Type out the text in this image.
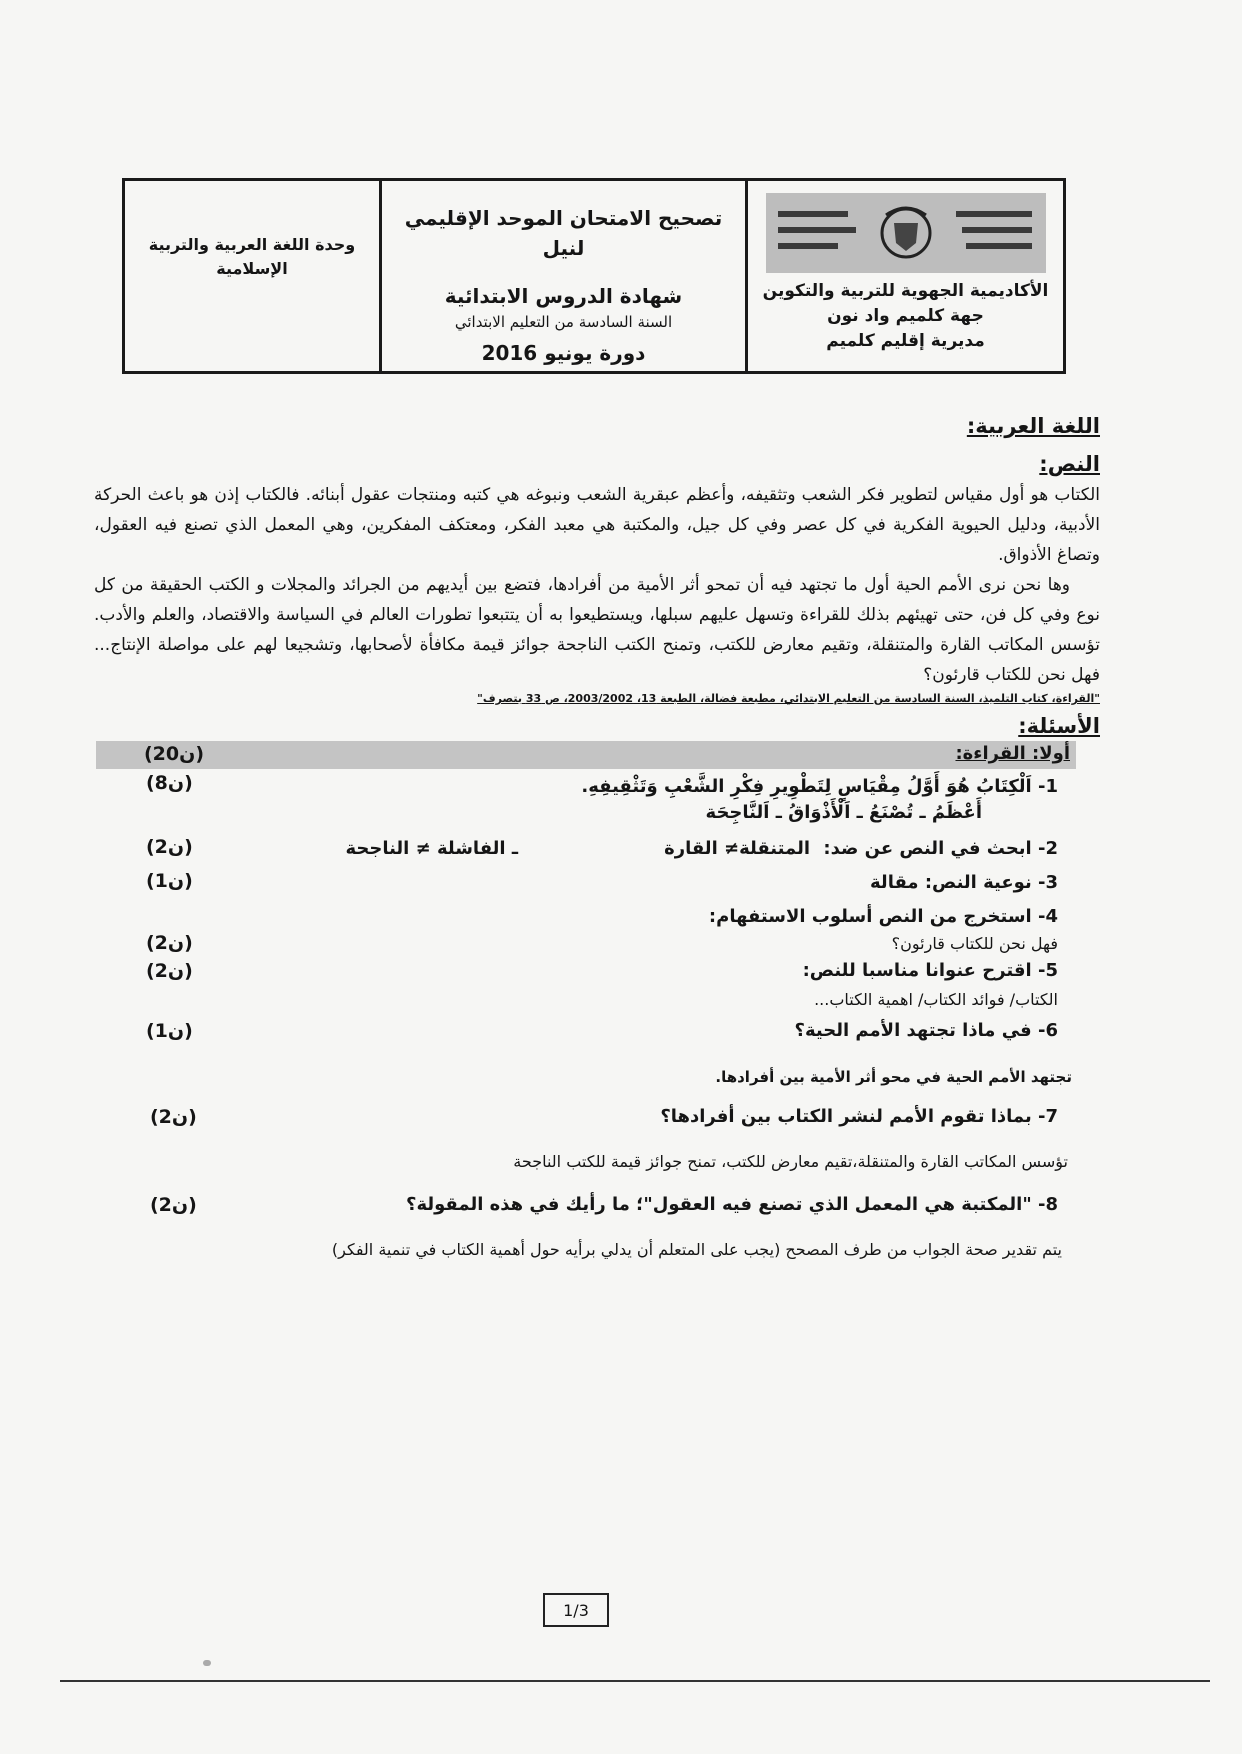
المملكة المغربية
الأكاديمية الجهوية للتربية والتكوين
جهة كلميم واد نون
مديرية إقليم كلميم
تصحيح الامتحان الموحد الإقليمي لنيل
شهادة الدروس الابتدائية
السنة السادسة من التعليم الابتدائي
دورة يونيو 2016
وحدة اللغة العربية والتربية الإسلامية
اللغة العربية:
النص:
الكتاب هو أول مقياس لتطوير فكر الشعب وتثقيفه، وأعظم عبقرية الشعب ونبوغه هي كتبه ومنتجات عقول أبنائه. فالكتاب إذن هو باعث الحركة الأدبية، ودليل الحيوية الفكرية في كل عصر وفي كل جيل، والمكتبة هي معبد الفكر، ومعتكف المفكرين، وهي المعمل الذي تصنع فيه العقول، وتصاغ الأذواق.
وها نحن نرى الأمم الحية أول ما تجتهد فيه أن تمحو أثر الأمية من أفرادها، فتضع بين أيديهم من الجرائد والمجلات و الكتب الحقيقة من كل نوع وفي كل فن، حتى تهيئهم بذلك للقراءة وتسهل عليهم سبلها، ويستطيعوا به أن يتتبعوا تطورات العالم في السياسة والاقتصاد، والعلم والأدب. تؤسس المكاتب القارة والمتنقلة، وتقيم معارض للكتب، وتمنح الكتب الناجحة جوائز قيمة مكافأة لأصحابها، وتشجيعا لهم على مواصلة الإنتاج... فهل نحن للكتاب قارئون؟
"القراءة، كتاب التلميذ، السنة السادسة من التعليم الابتدائي، مطبعة فضالة، الطبعة 13، 2003/2002، ص 33 بتصرف"
الأسئلة:
أولا: القراءة:
(20ن)
1- اَلْكِتَابُ هُوَ أَوَّلُ مِقْيَاسٍ لِتَطْوِيرِ فِكْرِ الشَّعْبِ وَتَثْقِيفِهِ.
(8ن)
أَعْظَمُ ـ تُصْنَعُ ـ اَلْأَذْوَاقُ ـ اَلنَّاجِحَة
2- ابحث في النص عن ضد:
المتنقلة≠ القارة
ـ الفاشلة ≠ الناجحة
(2ن)
3- نوعية النص: مقالة
(1ن)
4- استخرج من النص أسلوب الاستفهام:
فهل نحن للكتاب قارئون؟
(2ن)
5- اقترح عنوانا مناسبا للنص:
(2ن)
الكتاب/ فوائد الكتاب/ اهمية الكتاب...
6- في ماذا تجتهد الأمم الحية؟
(1ن)
تجتهد الأمم الحية في محو أثر الأمية بين أفرادها.
7- بماذا تقوم الأمم لنشر الكتاب بين أفرادها؟
(2ن)
تؤسس المكاتب القارة والمتنقلة،تقيم معارض للكتب، تمنح جوائز قيمة للكتب الناجحة
8- "المكتبة هي المعمل الذي تصنع فيه العقول"؛ ما رأيك في هذه المقولة؟
(2ن)
يتم تقدير صحة الجواب من طرف المصحح (يجب على المتعلم أن يدلي برأيه حول أهمية الكتاب في تنمية الفكر)
1/3
